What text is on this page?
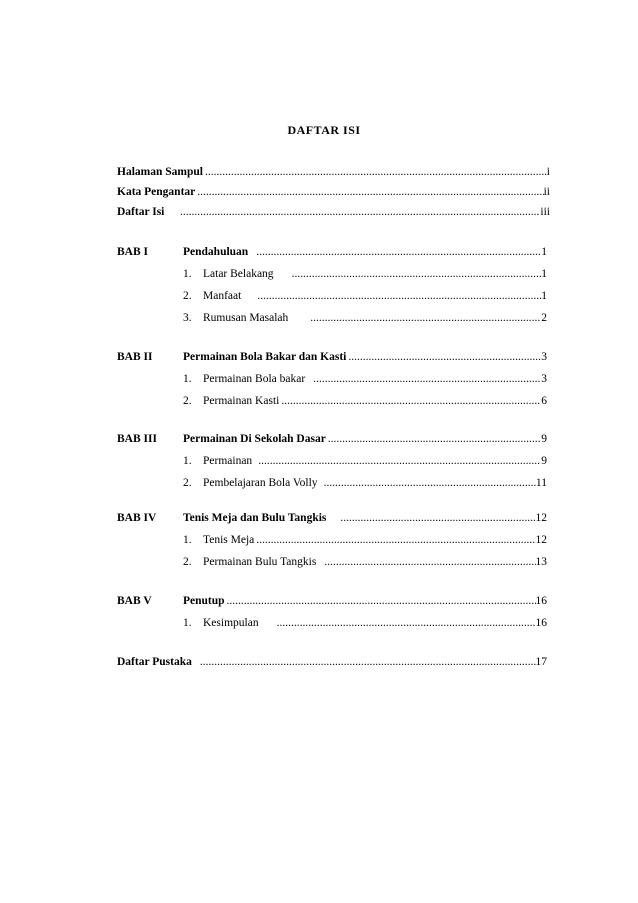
DAFTAR ISI
Halaman Sampul .....	i
Kata Pengantar .....	ii
Daftar Isi .....	iii
BAB I	Pendahuluan .....	1
1. Latar Belakang .....	1
2. Manfaat .....	1
3. Rumusan Masalah .....	2
BAB II	Permainan Bola Bakar dan Kasti .....	3
1. Permainan Bola bakar .....	3
2. Permainan Kasti .....	6
BAB III	Permainan Di Sekolah Dasar .....	9
1. Permainan .....	9
2. Pembelajaran Bola Volly .....	11
BAB IV	Tenis Meja dan Bulu Tangkis .....	12
1. Tenis Meja .....	12
2. Permainan Bulu Tangkis .....	13
BAB V	Penutup .....	16
1. Kesimpulan .....	16
Daftar Pustaka .....	17
